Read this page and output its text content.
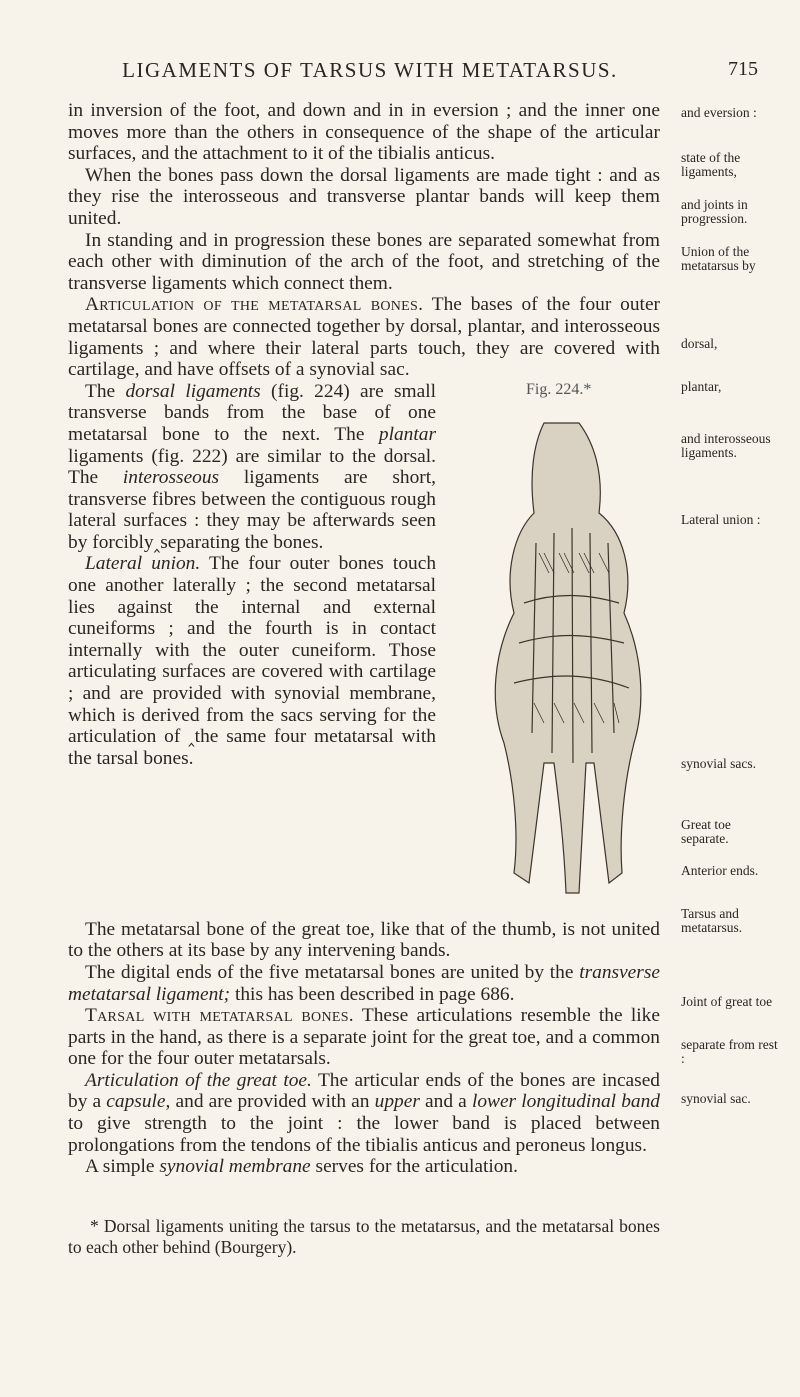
LIGAMENTS OF TARSUS WITH METATARSUS.	715

in inversion of the foot, and down and in in eversion ; and the inner one moves more than the others in consequence of the shape of the articular surfaces, and the attachment to it of the tibialis anticus.

When the bones pass down the dorsal ligaments are made tight : and as they rise the interosseous and transverse plantar bands will keep them united.

In standing and in progression these bones are separated somewhat from each other with diminution of the arch of the foot, and stretching of the transverse ligaments which connect them.

Articulation of the metatarsal bones. The bases of the four outer metatarsal bones are connected together by dorsal, plantar, and interosseous ligaments ; and where their lateral parts touch, they are covered with cartilage, and have offsets of a synovial sac.

Fig. 224.*

The dorsal ligaments (fig. 224) are small transverse bands from the base of one metatarsal bone to the next. The plantar ligaments (fig. 222) are similar to the dorsal. The interosseous ligaments are short, transverse fibres between the contiguous rough lateral surfaces : they may be afterwards seen by forcibly‸separating the bones.

Lateral union. The four outer bones touch one another laterally ; the second metatarsal lies against the internal and external cuneiforms ; and the fourth is in contact internally with the outer cuneiform. Those articulating surfaces are covered with cartilage ; and are provided with synovial membrane, which is derived from the sacs serving for the articulation of ‸the same four metatarsal with the tarsal bones.

The metatarsal bone of the great toe, like that of the thumb, is not united to the others at its base by any intervening bands.

The digital ends of the five metatarsal bones are united by the transverse metatarsal ligament; this has been described in page 686.

Tarsal with metatarsal bones. These articulations resemble the like parts in the hand, as there is a separate joint for the great toe, and a common one for the four outer metatarsals.

Articulation of the great toe. The articular ends of the bones are incased by a capsule, and are provided with an upper and a lower longitudinal band to give strength to the joint : the lower band is placed between prolongations from the tendons of the tibialis anticus and peroneus longus.

A simple synovial membrane serves for the articulation.

and eversion :
state of the ligaments,
and joints in progression.
Union of the metatarsus by
dorsal,
plantar,
and interosseous ligaments.
Lateral union :
synovial sacs.
Great toe separate.
Anterior ends.
Tarsus and metatarsus.
Joint of great toe
separate from rest :
synovial sac.

* Dorsal ligaments uniting the tarsus to the metatarsus, and the metatarsal bones to each other behind (Bourgery).
